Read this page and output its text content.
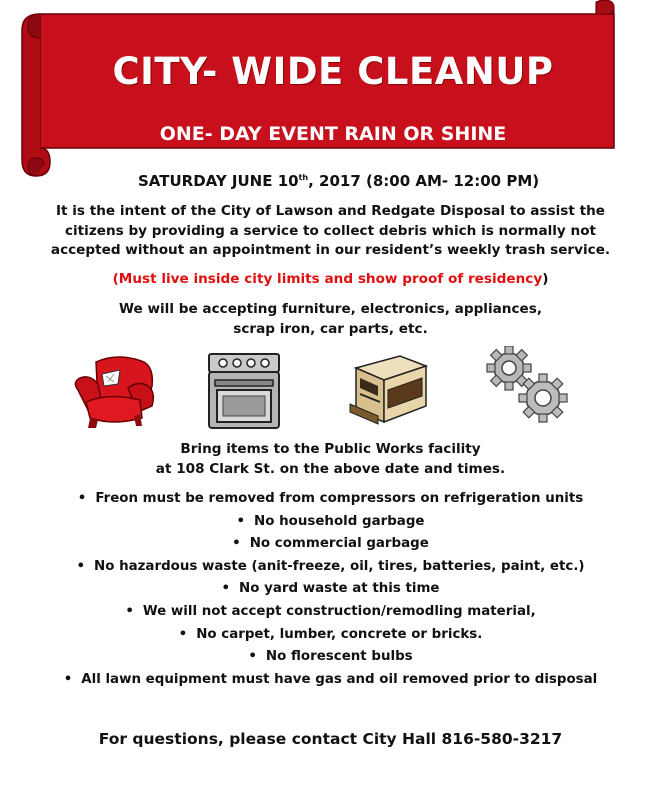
CITY- WIDE CLEANUP
ONE- DAY EVENT RAIN OR SHINE
SATURDAY JUNE 10th, 2017 (8:00 AM- 12:00 PM)
It is the intent of the City of Lawson and Redgate Disposal to assist the
citizens by providing a service to collect debris which is normally not
accepted without an appointment in our resident’s weekly trash service.
(Must live inside city limits and show proof of residency)
We will be accepting furniture, electronics, appliances,
scrap iron, car parts, etc.
Bring items to the Public Works facility
at 108 Clark St. on the above date and times.
• Freon must be removed from compressors on refrigeration units
• No household garbage
• No commercial garbage
• No hazardous waste (anit-freeze, oil, tires, batteries, paint, etc.)
• No yard waste at this time
• We will not accept construction/remodling material,
• No carpet, lumber, concrete or bricks.
• No florescent bulbs
• All lawn equipment must have gas and oil removed prior to disposal
For questions, please contact City Hall 816-580-3217
